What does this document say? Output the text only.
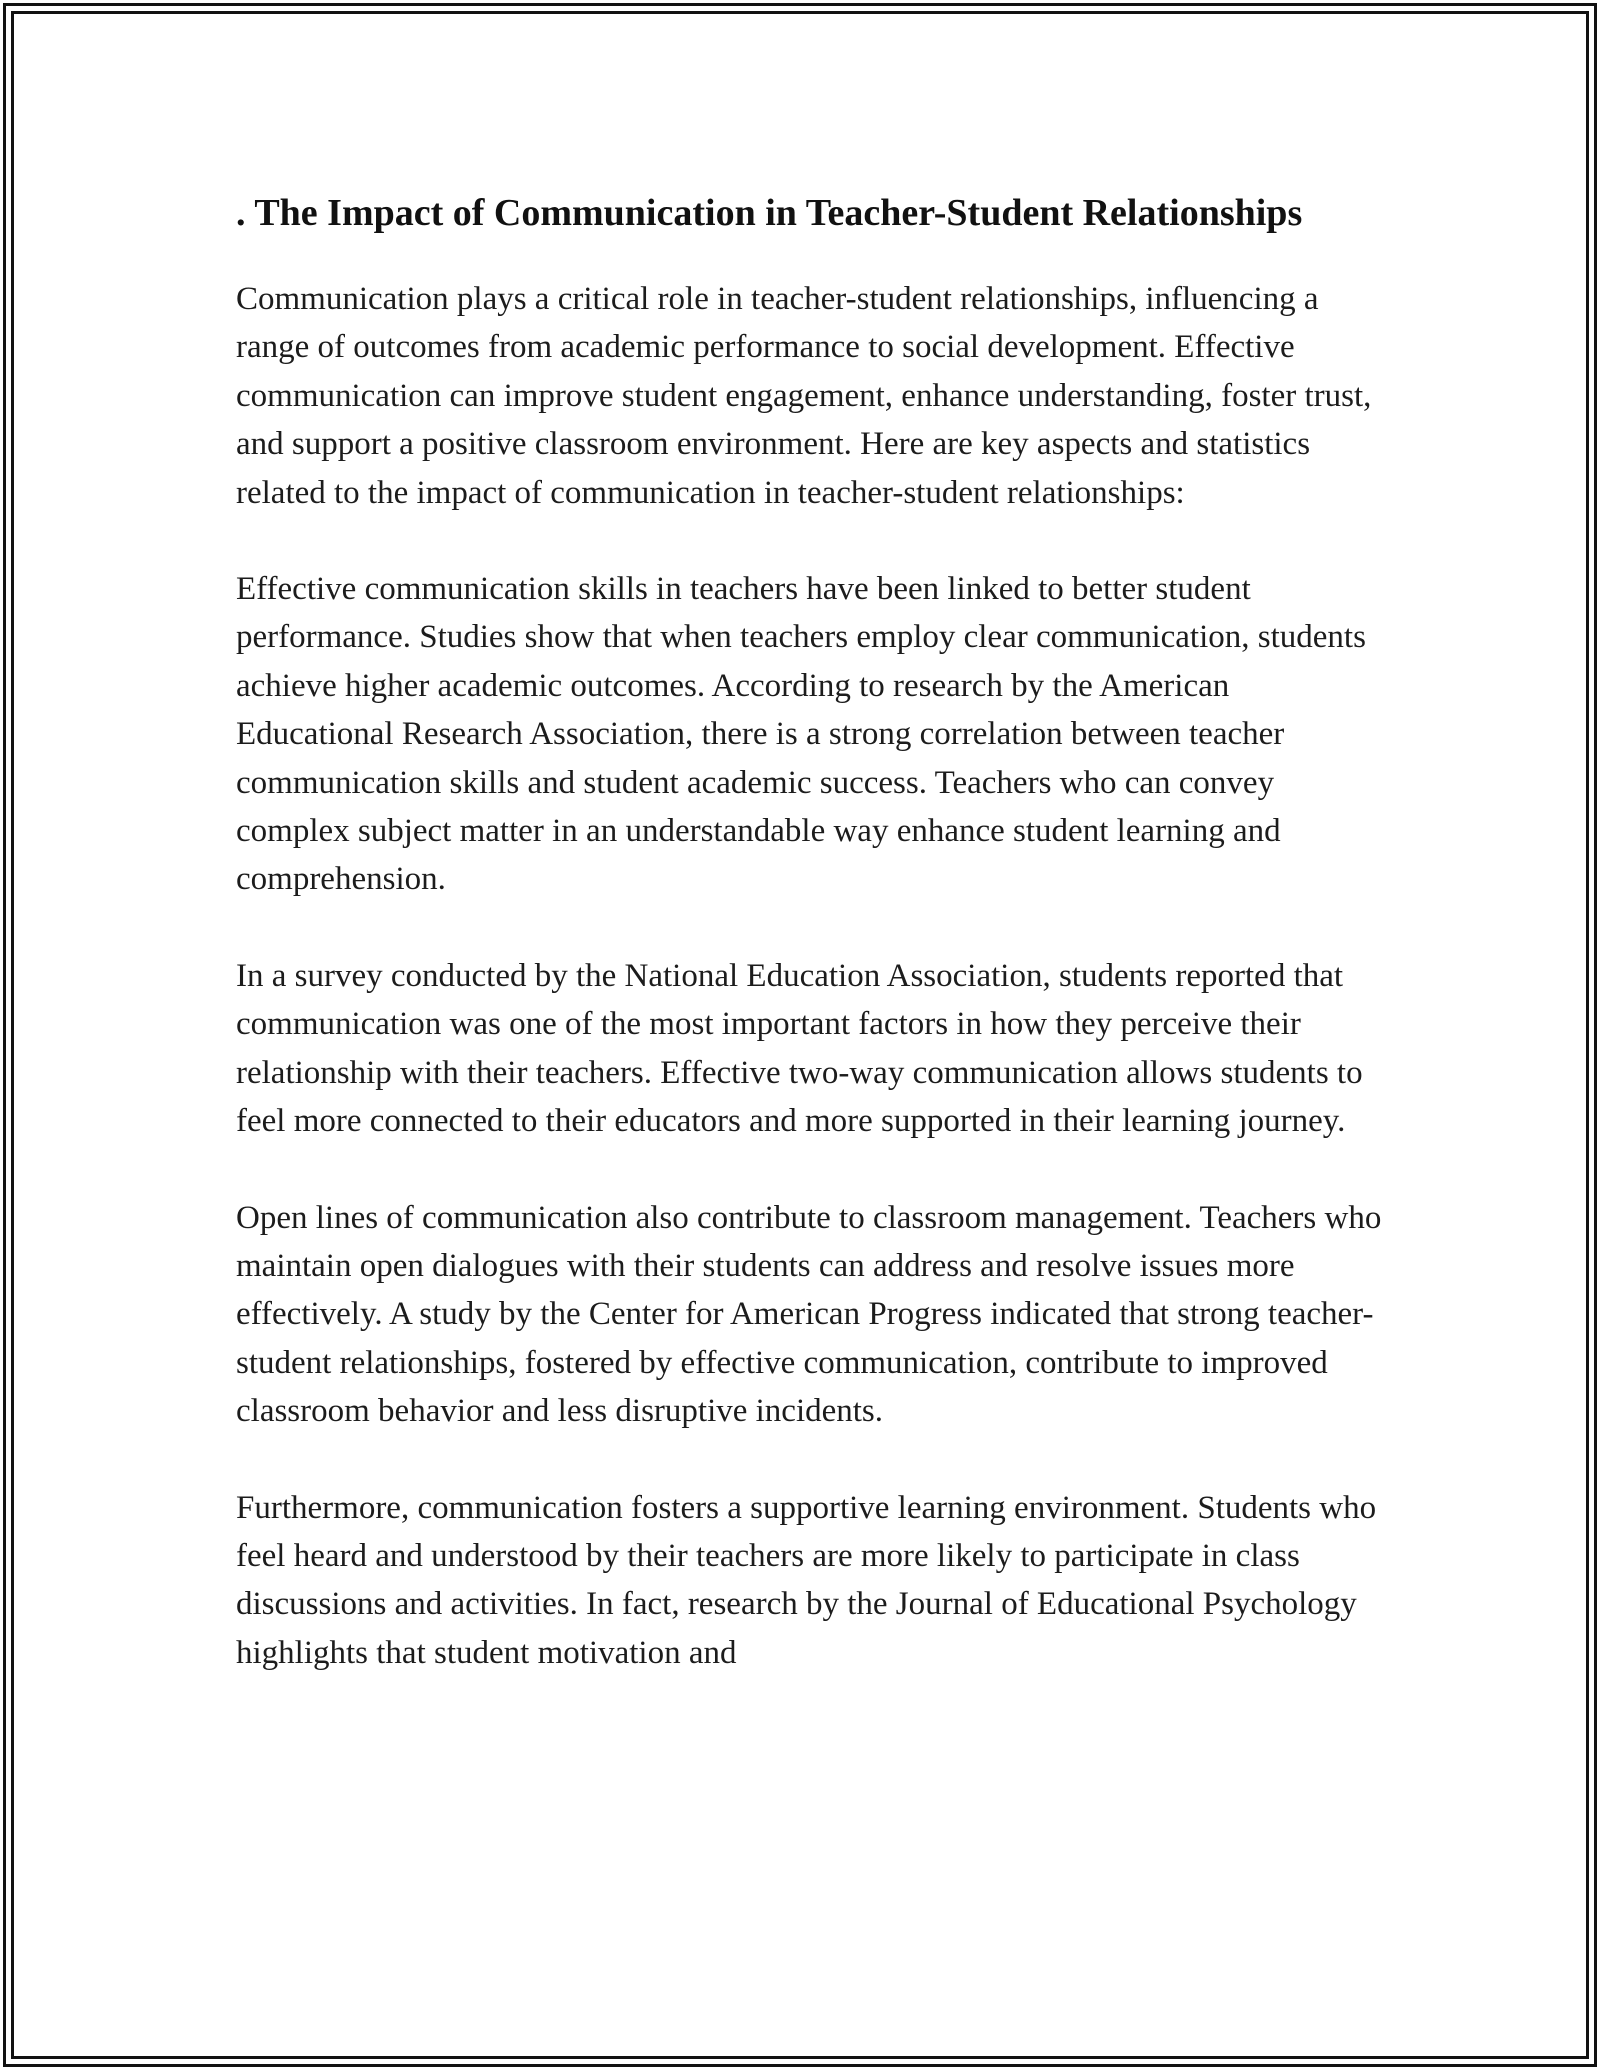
. The Impact of Communication in Teacher-Student Relationships

Communication plays a critical role in teacher-student relationships, influencing a range of outcomes from academic performance to social development. Effective communication can improve student engagement, enhance understanding, foster trust, and support a positive classroom environment. Here are key aspects and statistics related to the impact of communication in teacher-student relationships:

Effective communication skills in teachers have been linked to better student performance. Studies show that when teachers employ clear communication, students achieve higher academic outcomes. According to research by the American Educational Research Association, there is a strong correlation between teacher communication skills and student academic success. Teachers who can convey complex subject matter in an understandable way enhance student learning and comprehension.

In a survey conducted by the National Education Association, students reported that communication was one of the most important factors in how they perceive their relationship with their teachers. Effective two-way communication allows students to feel more connected to their educators and more supported in their learning journey.

Open lines of communication also contribute to classroom management. Teachers who maintain open dialogues with their students can address and resolve issues more effectively. A study by the Center for American Progress indicated that strong teacher-student relationships, fostered by effective communication, contribute to improved classroom behavior and less disruptive incidents.

Furthermore, communication fosters a supportive learning environment. Students who feel heard and understood by their teachers are more likely to participate in class discussions and activities. In fact, research by the Journal of Educational Psychology highlights that student motivation and
